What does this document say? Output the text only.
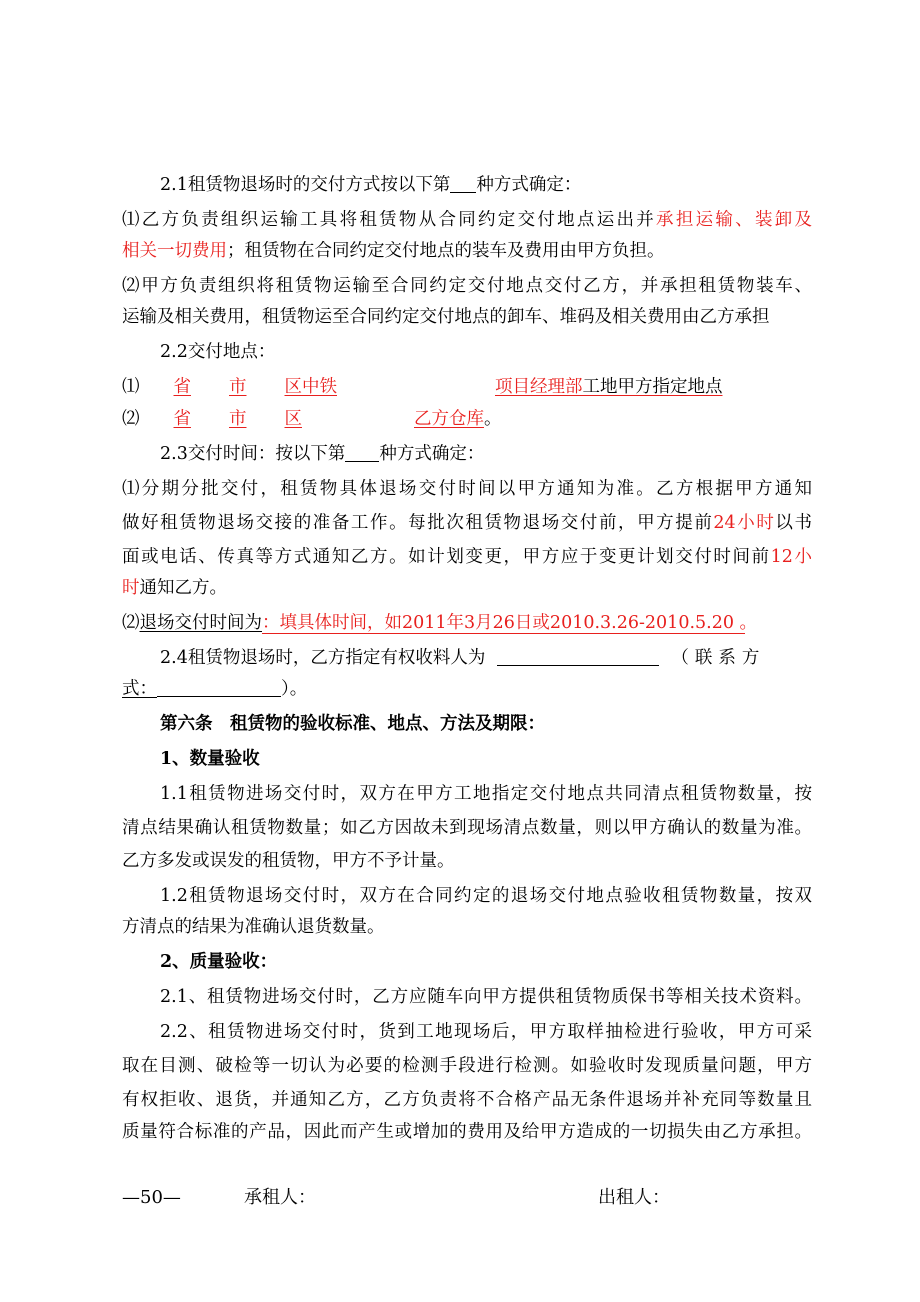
2.1租赁物退场时的交付方式按以下第 种方式确定：
⑴乙方负责组织运输工具将租赁物从合同约定交付地点运出并承担运输、装卸及
相关一切费用；租赁物在合同约定交付地点的装车及费用由甲方负担。
⑵甲方负责组织将租赁物运输至合同约定交付地点交付乙方，并承担租赁物装车、
运输及相关费用，租赁物运至合同约定交付地点的卸车、堆码及相关费用由乙方承担
2.2交付地点：
⑴ 省 市 区中铁	项目经理部工地甲方指定地点
⑵ 省 市 区	乙方仓库。
2.3交付时间：按以下第 种方式确定：
⑴分期分批交付，租赁物具体退场交付时间以甲方通知为准。乙方根据甲方通知
做好租赁物退场交接的准备工作。每批次租赁物退场交付前，甲方提前24小时以书
面或电话、传真等方式通知乙方。如计划变更，甲方应于变更计划交付时间前12小
时通知乙方。
⑵退场交付时间为：填具体时间，如2011年3月26日或2010.3.26-2010.5.20 。
2.4租赁物退场时，乙方指定有权收料人为	（联系方
式：	）。
第六条　租赁物的验收标准、地点、方法及期限：
1、数量验收
1.1租赁物进场交付时，双方在甲方工地指定交付地点共同清点租赁物数量，按
清点结果确认租赁物数量；如乙方因故未到现场清点数量，则以甲方确认的数量为准。
乙方多发或误发的租赁物，甲方不予计量。
1.2租赁物退场交付时，双方在合同约定的退场交付地点验收租赁物数量，按双
方清点的结果为准确认退货数量。
2、质量验收：
2.1、租赁物进场交付时，乙方应随车向甲方提供租赁物质保书等相关技术资料。
2.2、租赁物进场交付时，货到工地现场后，甲方取样抽检进行验收，甲方可采
取在目测、破检等一切认为必要的检测手段进行检测。如验收时发现质量问题，甲方
有权拒收、退货，并通知乙方，乙方负责将不合格产品无条件退场并补充同等数量且
质量符合标准的产品，因此而产生或增加的费用及给甲方造成的一切损失由乙方承担。
—50—	承租人：	出租人：
